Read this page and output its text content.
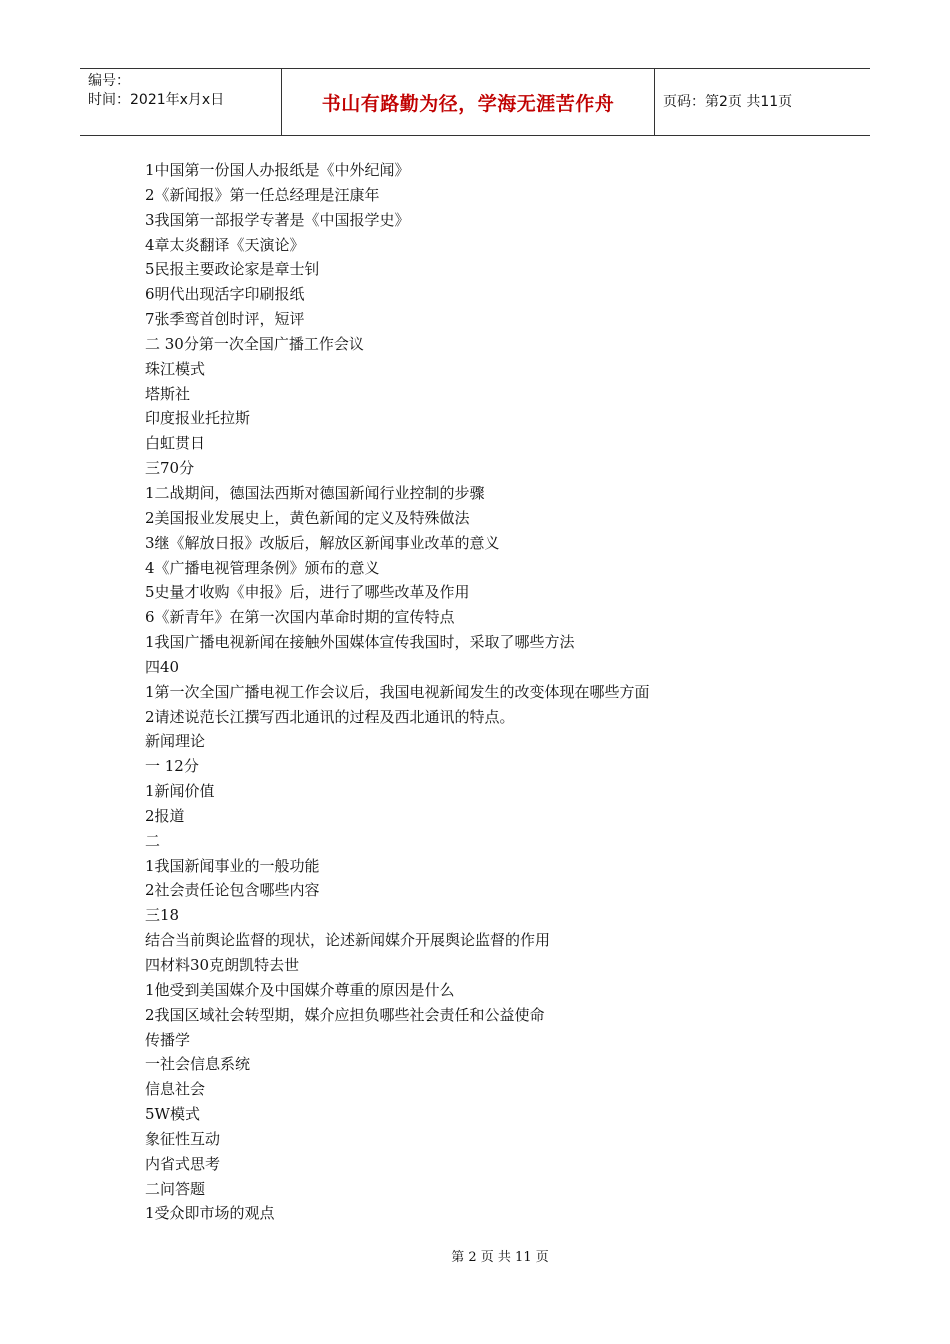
编号：
时间：2021年x月x日	书山有路勤为径，学海无涯苦作舟	页码：第2页 共11页
1中国第一份国人办报纸是《中外纪闻》
2《新闻报》第一任总经理是汪康年
3我国第一部报学专著是《中国报学史》
4章太炎翻译《天演论》
5民报主要政论家是章士钊
6明代出现活字印刷报纸
7张季鸾首创时评，短评
二 30分第一次全国广播工作会议
珠江模式
塔斯社
印度报业托拉斯
白虹贯日
三70分
1二战期间，德国法西斯对德国新闻行业控制的步骤
2美国报业发展史上，黄色新闻的定义及特殊做法
3继《解放日报》改版后，解放区新闻事业改革的意义
4《广播电视管理条例》颁布的意义
5史量才收购《申报》后，进行了哪些改革及作用
6《新青年》在第一次国内革命时期的宣传特点
1我国广播电视新闻在接触外国媒体宣传我国时，采取了哪些方法
四40
1第一次全国广播电视工作会议后，我国电视新闻发生的改变体现在哪些方面
2请述说范长江撰写西北通讯的过程及西北通讯的特点。
新闻理论
一 12分
1新闻价值
2报道
二
1我国新闻事业的一般功能
2社会责任论包含哪些内容
三18
结合当前舆论监督的现状，论述新闻媒介开展舆论监督的作用
四材料30克朗凯特去世
1他受到美国媒介及中国媒介尊重的原因是什么
2我国区域社会转型期，媒介应担负哪些社会责任和公益使命
传播学
一社会信息系统
信息社会
5W模式
象征性互动
内省式思考
二问答题
1受众即市场的观点
第 2 页 共 11 页
